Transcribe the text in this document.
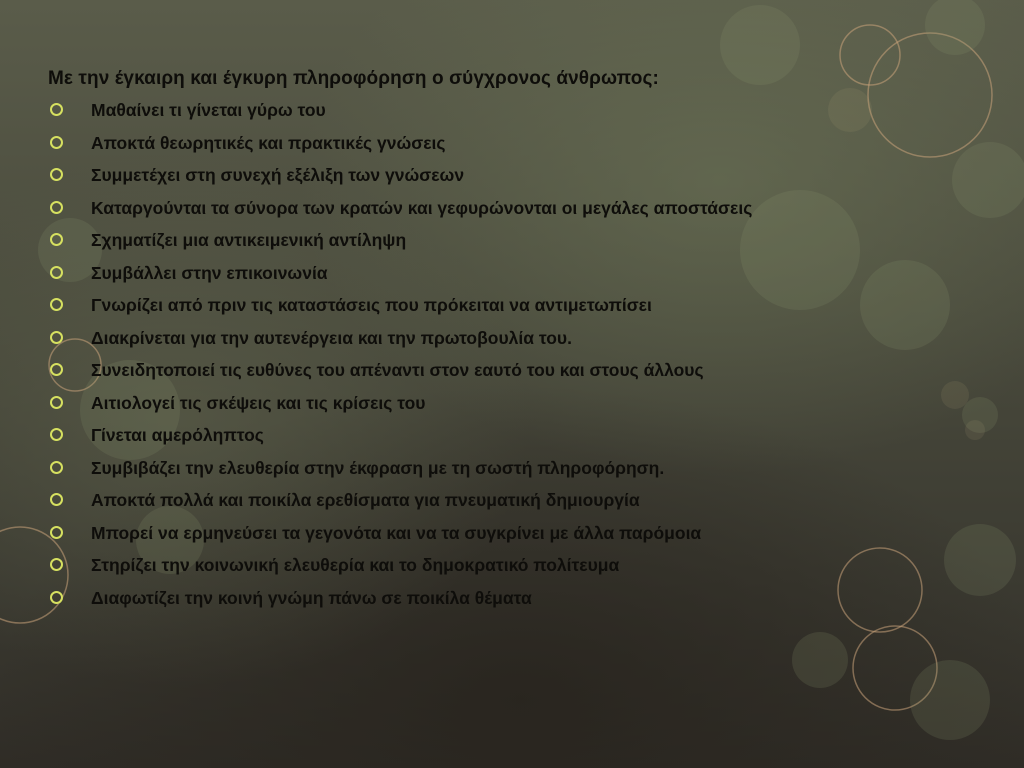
Με την έγκαιρη και έγκυρη πληροφόρηση ο σύγχρονος άνθρωπος:
Μαθαίνει τι γίνεται γύρω του
Αποκτά θεωρητικές και πρακτικές γνώσεις
Συμμετέχει στη συνεχή εξέλιξη των γνώσεων
Καταργούνται τα σύνορα των κρατών και γεφυρώνονται οι μεγάλες αποστάσεις
Σχηματίζει μια αντικειμενική αντίληψη
Συμβάλλει στην επικοινωνία
Γνωρίζει από πριν τις καταστάσεις που πρόκειται να αντιμετωπίσει
Διακρίνεται για την αυτενέργεια και την πρωτοβουλία του.
Συνειδητοποιεί τις ευθύνες του απέναντι στον εαυτό του και στους άλλους
Αιτιολογεί τις σκέψεις και τις κρίσεις του
Γίνεται αμερόληπτος
Συμβιβάζει την ελευθερία στην έκφραση με τη σωστή πληροφόρηση.
Αποκτά πολλά και ποικίλα ερεθίσματα για πνευματική δημιουργία
Μπορεί να ερμηνεύσει τα γεγονότα και να τα συγκρίνει με άλλα παρόμοια
Στηρίζει την κοινωνική ελευθερία και το δημοκρατικό πολίτευμα
Διαφωτίζει την κοινή γνώμη πάνω σε ποικίλα θέματα
